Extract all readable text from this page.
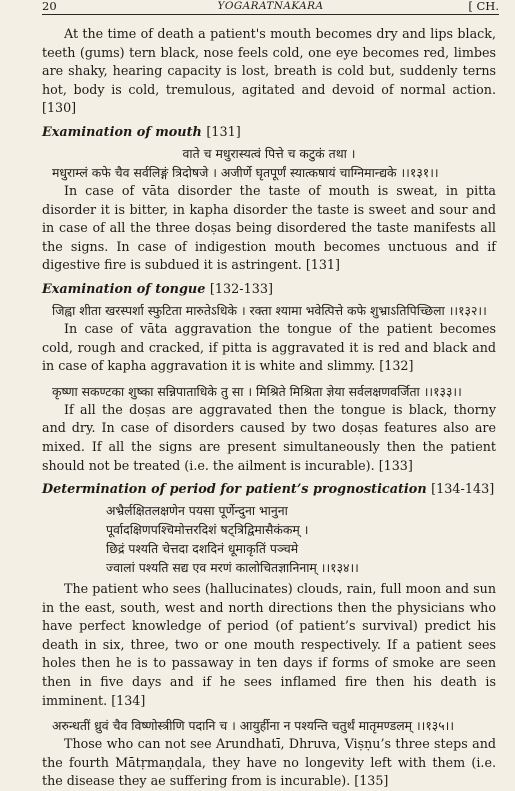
20	YOGARATNAKARA	[ CH.

At the time of death a patient's mouth becomes dry and lips black, teeth (gums) tern black, nose feels cold, one eye becomes red, limbes are shaky, hearing capacity is lost, breath is cold but, suddenly terns hot, body is cold, tremulous, agitated and devoid of normal action. [130]

Examination of mouth [131]
वाते च मधुरास्यत्वं पित्ते च कटुकं तथा ।
मधुराम्लं कफे चैव सर्वलिङ्गं त्रिदोषजे । अजीर्णे घृतपूर्णं स्यात्कषायं चाग्निमान्द्यके ।।१३१।।

In case of vāta disorder the taste of mouth is sweat, in pitta disorder it is bitter, in kapha disorder the taste is sweet and sour and in case of all the three doṣas being disordered the taste manifests all the signs. In case of indigestion mouth becomes unctuous and if digestive fire is subdued it is astringent. [131]

Examination of tongue [132-133]
जिह्वा शीता खरस्पर्शा स्फुटिता मारुतेऽधिके । रक्ता श्यामा भवेत्पित्ते कफे शुभ्राऽतिपिच्छिला ।।१३२।।

In case of vāta aggravation the tongue of the patient becomes cold, rough and cracked, if pitta is aggravated it is red and black and in case of kapha aggravation it is white and slimmy. [132]

कृष्णा सकण्टका शुष्का सन्निपाताधिके तु सा । मिश्रिते मिश्रिता ज्ञेया सर्वलक्षणवर्जिता ।।१३३।।

If all the doṣas are aggravated then the tongue is black, thorny and dry. In case of disorders caused by two doṣas features also are mixed. If all the signs are present simultaneously then the patient should not be treated (i.e. the ailment is incurable). [133]

Determination of period for patient’s prognostication [134-143]
अभ्रैर्लक्षितलक्षणेन पयसा पूर्णेन्दुना भानुना
पूर्वादक्षिणपश्चिमोत्तरदिशं षट्त्रिद्विमासैकंकम् ।
छिद्रं पश्यति चेत्तदा दशदिनं धूमाकृतिं पञ्चमे
ज्वालां पश्यति सद्य एव मरणं कालोचितज्ञानिनाम् ।।१३४।।

The patient who sees (hallucinates) clouds, rain, full moon and sun in the east, south, west and north directions then the physicians who have perfect knowledge of period (of patient’s survival) predict his death in six, three, two or one mouth respectively. If a patient sees holes then he is to passaway in ten days if forms of smoke are seen then in five days and if he sees inflamed fire then his death is imminent. [134]

अरुन्धतीं ध्रुवं चैव विष्णोस्त्रीणि पदानि च । आयुर्हीना न पश्यन्ति चतुर्थं मातृमण्डलम् ।।१३५।।

Those who can not see Arundhatī, Dhruva, Viṣṇu’s three steps and the fourth Mātṛmaṇḍala, they have no longevity left with them (i.e. the disease they ae suffering from is incurable). [135]
